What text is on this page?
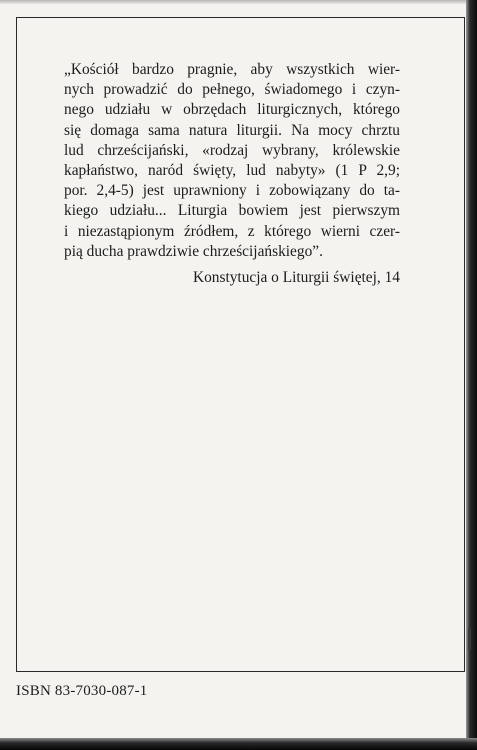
„Kościół bardzo pragnie, aby wszystkich wier-
nych prowadzić do pełnego, świadomego i czyn-
nego udziału w obrzędach liturgicznych, którego
się domaga sama natura liturgii. Na mocy chrztu
lud chrześcijański, «rodzaj wybrany, królewskie
kapłaństwo, naród święty, lud nabyty» (1 P 2,9;
por. 2,4-5) jest uprawniony i zobowiązany do ta-
kiego udziału... Liturgia bowiem jest pierwszym
i niezastąpionym źródłem, z którego wierni czer-
pią ducha prawdziwie chrześcijańskiego”.

Konstytucja o Liturgii świętej, 14

ISBN 83-7030-087-1
